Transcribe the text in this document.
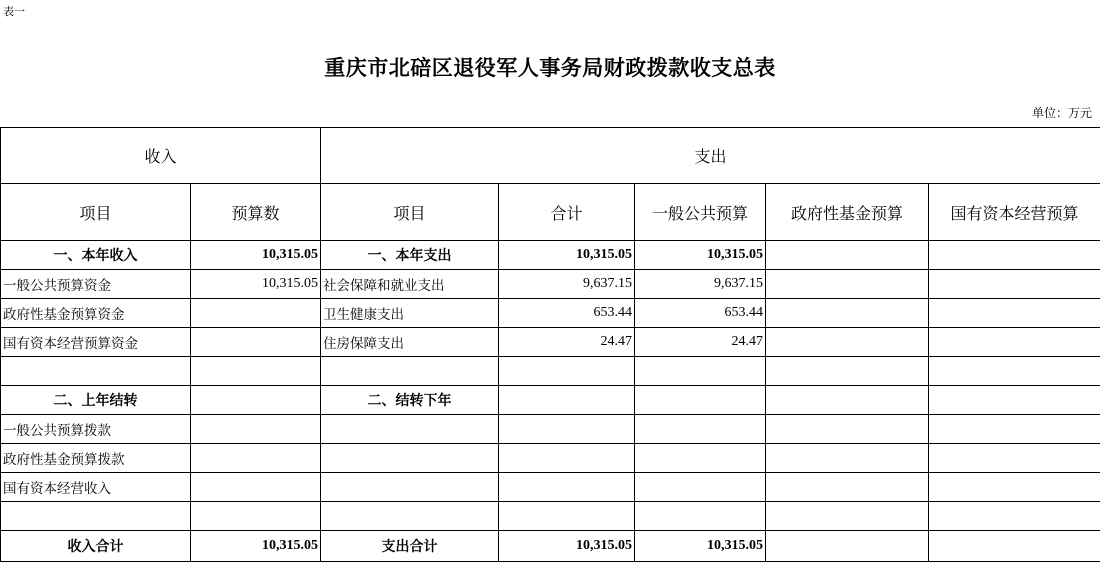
表一
重庆市北碚区退役军人事务局财政拨款收支总表
单位：万元
收入		支出				
项目	预算数	项目	合计	一般公共预算	政府性基金预算	国有资本经营预算
一、本年收入	10,315.05	一、本年支出	10,315.05	10,315.05		
一般公共预算资金	10,315.05	社会保障和就业支出	9,637.15	9,637.15		
政府性基金预算资金		卫生健康支出	653.44	653.44		
国有资本经营预算资金		住房保障支出	24.47	24.47		

二、上年结转		二、结转下年				
一般公共预算拨款						
政府性基金预算拨款						
国有资本经营收入						

收入合计	10,315.05	支出合计	10,315.05	10,315.05		
